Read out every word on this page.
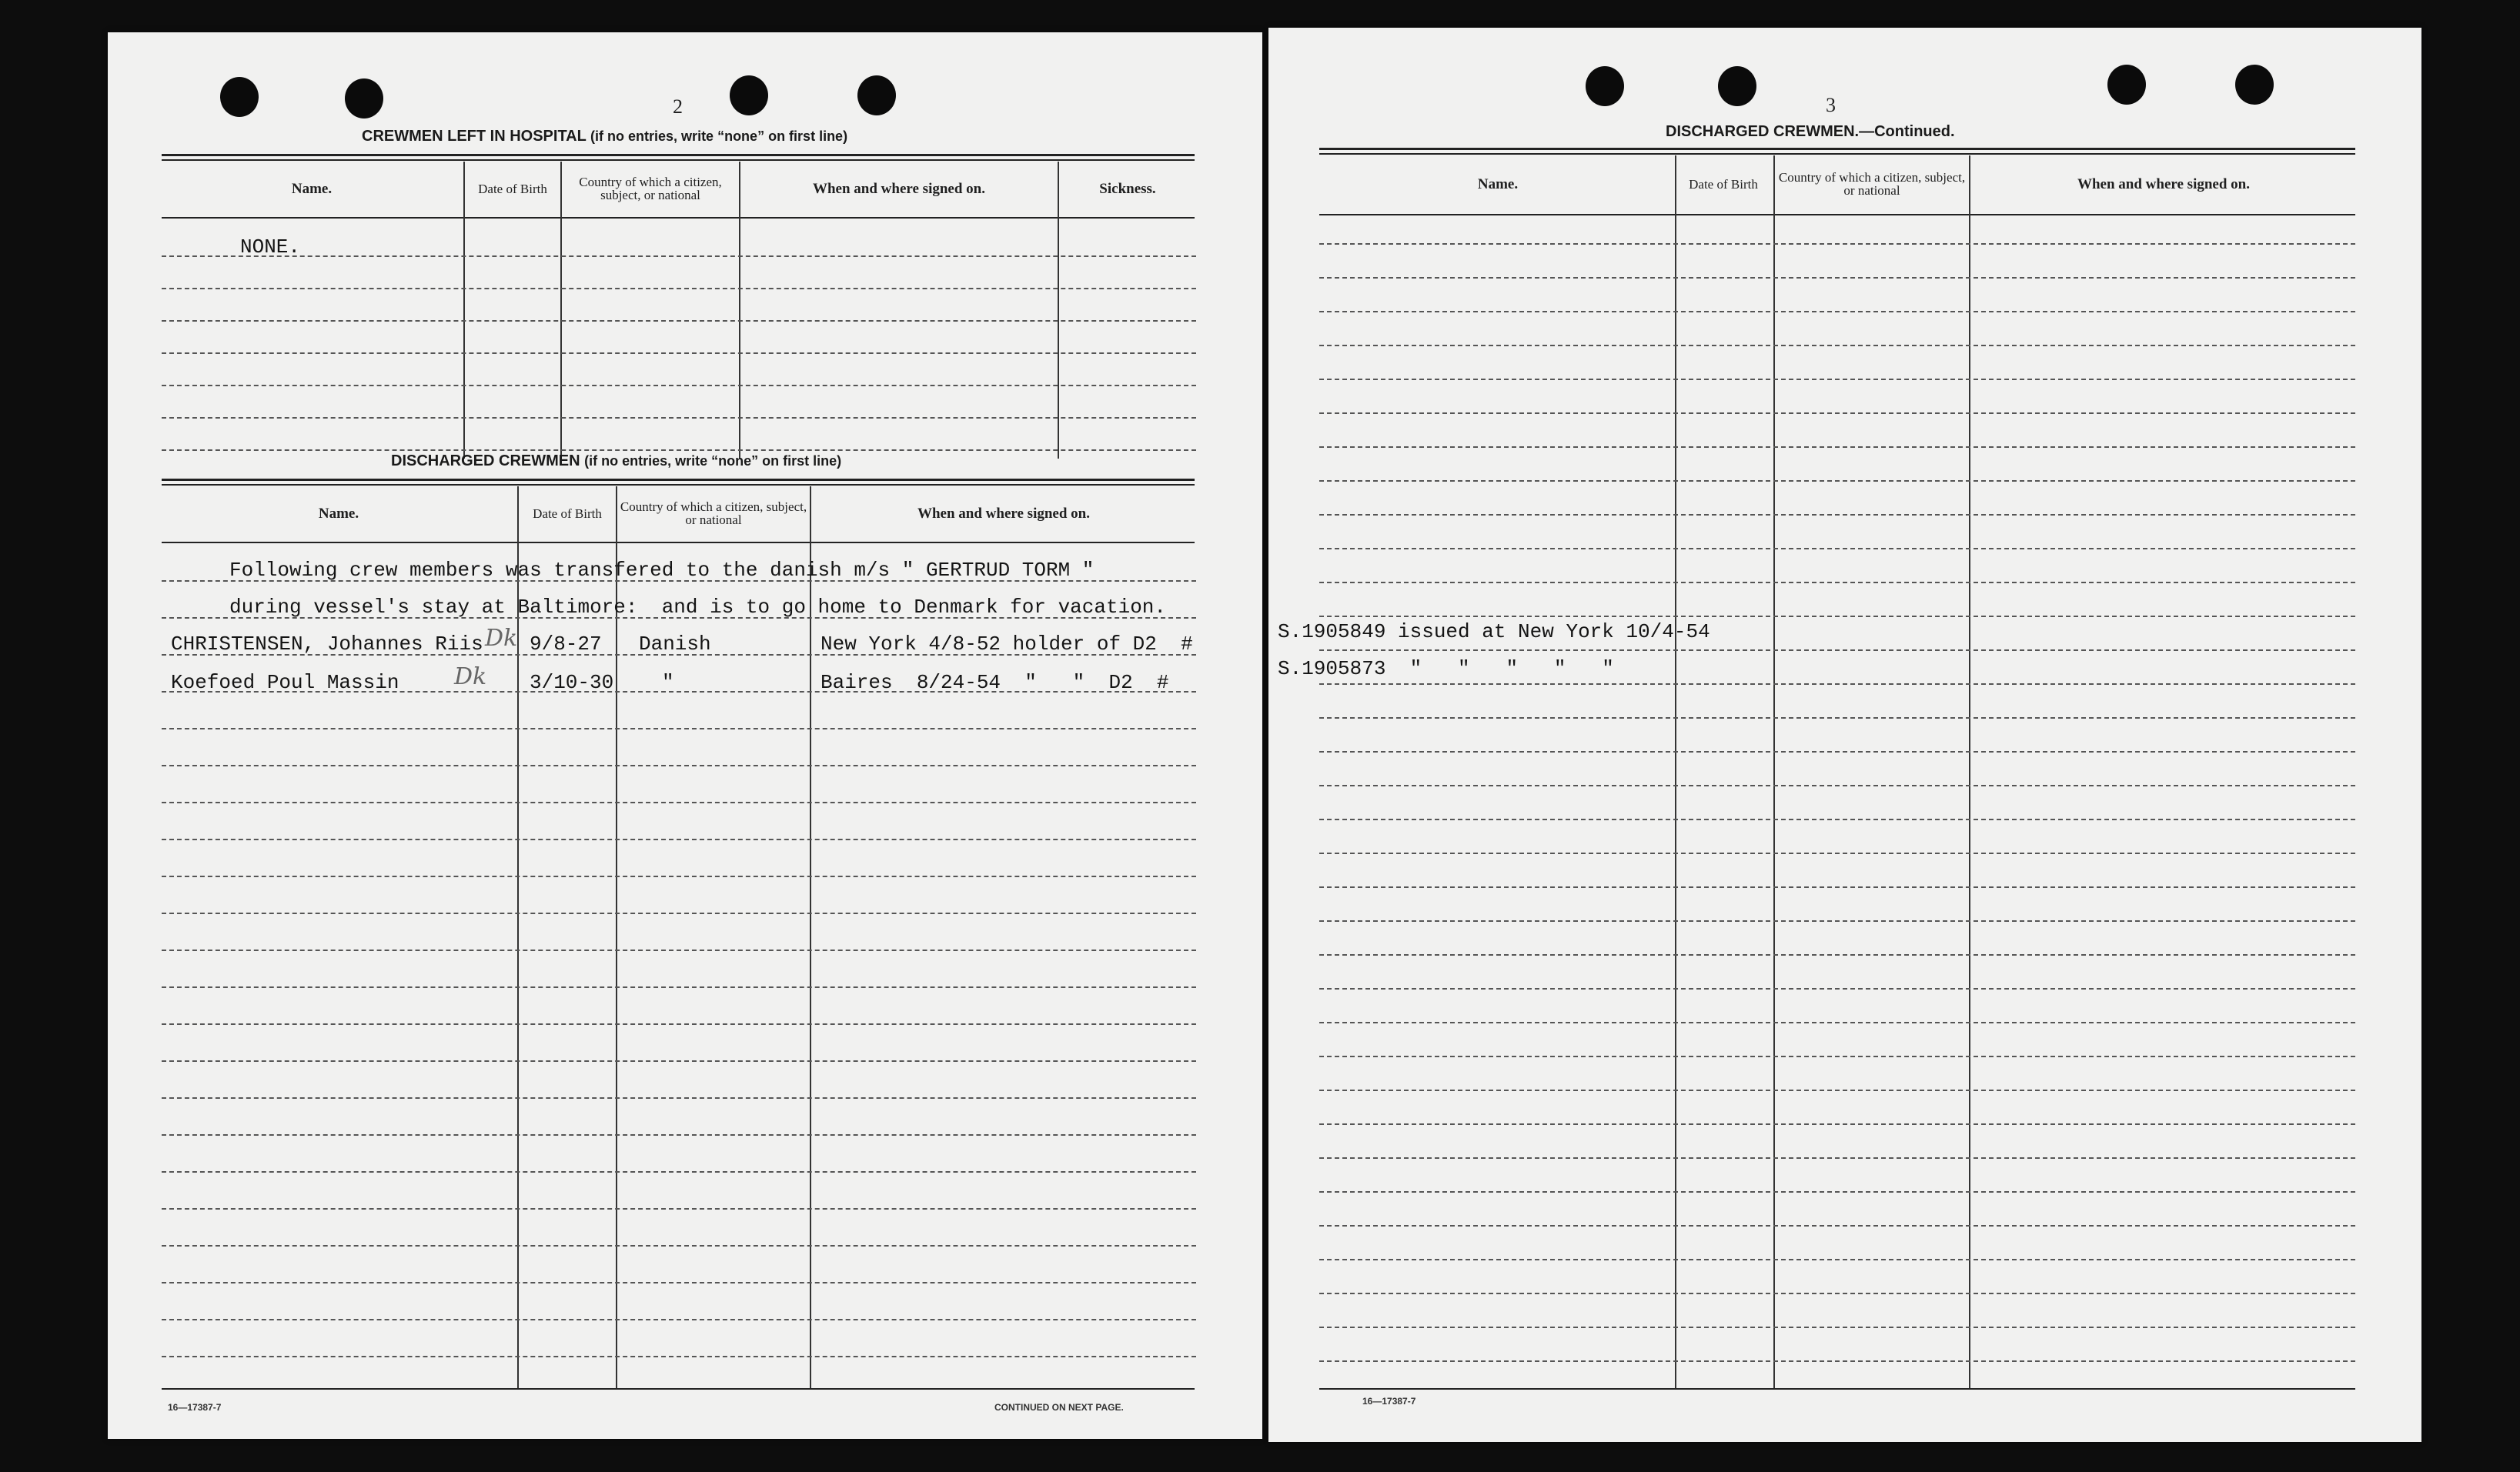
2
CREWMEN LEFT IN HOSPITAL (if no entries, write “none” on first line)
Name.	Date of Birth	Country of which a citizen, subject, or national	When and where signed on.	Sickness.
NONE.
DISCHARGED CREWMEN (if no entries, write “none” on first line)
Name.	Date of Birth	Country of which a citizen, subject, or national	When and where signed on.
Following crew members was transfered to the danish m/s " GERTRUD TORM "
during vessel's stay at Baltimore:  and is to go home to Denmark for vacation.
CHRISTENSEN, Johannes Riis Dk 9/8-27 Danish	New York 4/8-52 holder of D2  #
Koefoed Poul Massin Dk 3/10-30 "	Baires  8/24-54  "   "  D2  #
16—17387-7	CONTINUED ON NEXT PAGE.
3
DISCHARGED CREWMEN.—Continued.
Name.	Date of Birth	Country of which a citizen, subject, or national	When and where signed on.
S.1905849 issued at New York 10/4-54
S.1905873  "   "   "   "   "
16—17387-7
